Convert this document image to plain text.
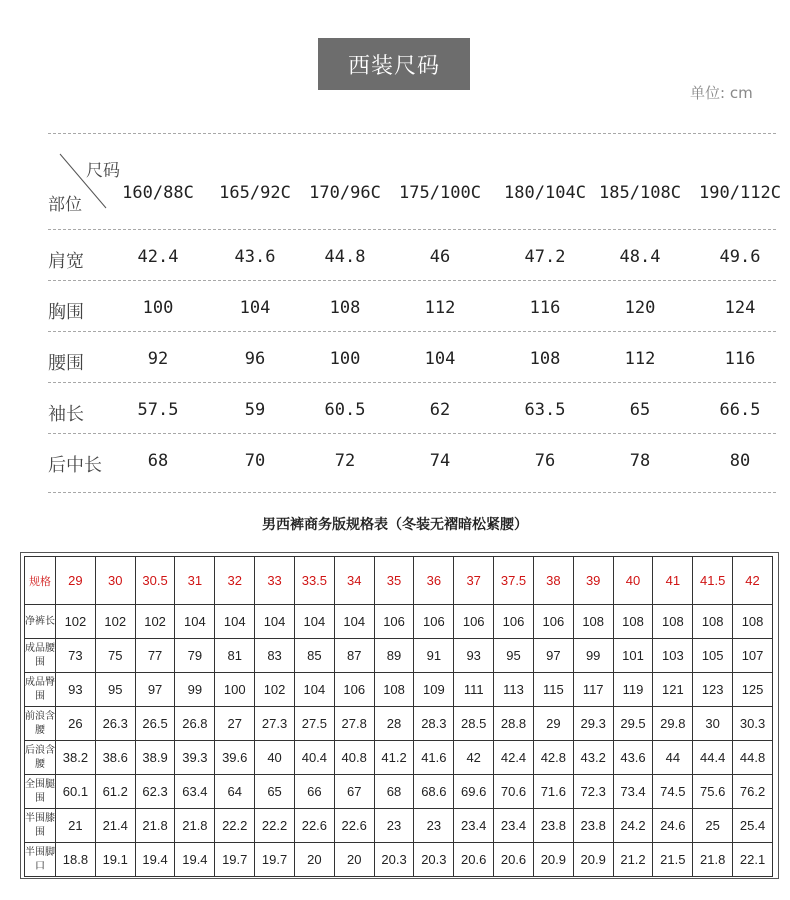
西装尺码
单位: cm
尺码
部位
160/88C	165/92C	170/96C	175/100C	180/104C 185/108C	190/112C
肩宽	42.4	43.6	44.8	46	47.2	48.4	49.6
胸围	100	104	108	112	116	120	124
腰围	92	96	100	104	108	112	116
袖长	57.5	59	60.5	62	63.5	65	66.5
后中长	68	70	72	74	76	78	80
男西裤商务版规格表（冬装无褶暗松紧腰）
规格	29	30	30.5	31	32	33	33.5	34	35	36	37	37.5	38	39	40	41	41.5	42
净裤长	102	102	102	104	104	104	104	104	106	106	106	106	106	108	108	108	108	108
成品腰围	73	75	77	79	81	83	85	87	89	91	93	95	97	99	101	103	105	107
成品臀围	93	95	97	99	100	102	104	106	108	109	111	113	115	117	119	121	123	125
前浪含腰	26	26.3	26.5	26.8	27	27.3	27.5	27.8	28	28.3	28.5	28.8	29	29.3	29.5	29.8	30	30.3
后浪含腰	38.2	38.6	38.9	39.3	39.6	40	40.4	40.8	41.2	41.6	42	42.4	42.8	43.2	43.6	44	44.4	44.8
全围腿围	60.1	61.2	62.3	63.4	64	65	66	67	68	68.6	69.6	70.6	71.6	72.3	73.4	74.5	75.6	76.2
半围膝围	21	21.4	21.8	21.8	22.2	22.2	22.6	22.6	23	23	23.4	23.4	23.8	23.8	24.2	24.6	25	25.4
半围脚口	18.8	19.1	19.4	19.4	19.7	19.7	20	20	20.3	20.3	20.6	20.6	20.9	20.9	21.2	21.5	21.8	22.1
